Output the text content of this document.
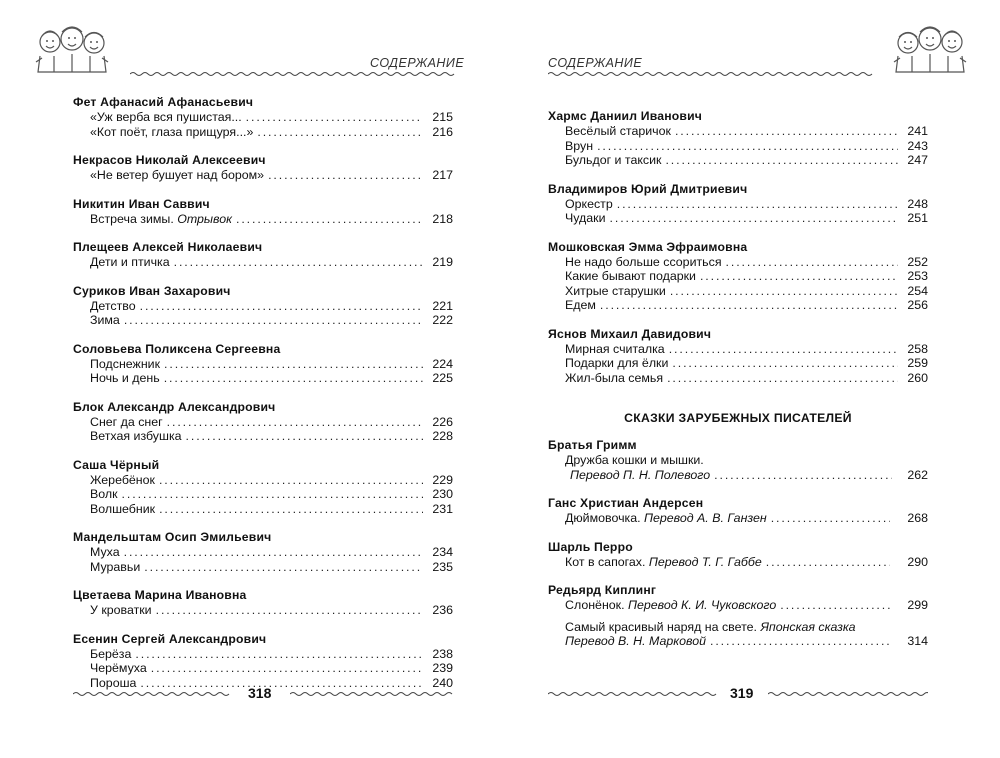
СОДЕРЖАНИЕ
Фет Афанасий Афанасьевич
«Уж верба вся пушистая... .....	215
«Кот поёт, глаза прищуря...» .....	216
Некрасов Николай Алексеевич
«Не ветер бушует над бором» .....	217
Никитин Иван Саввич
Встреча зимы. Отрывок .....	218
Плещеев Алексей Николаевич
Дети и птичка .....	219
Суриков Иван Захарович
Детство .....	221
Зима .....	222
Соловьева Поликсена Сергеевна
Подснежник .....	224
Ночь и день .....	225
Блок Александр Александрович
Снег да снег .....	226
Ветхая избушка .....	228
Саша Чёрный
Жеребёнок .....	229
Волк .....	230
Волшебник .....	231
Мандельштам Осип Эмильевич
Муха .....	234
Муравьи .....	235
Цветаева Марина Ивановна
У кроватки .....	236
Есенин Сергей Александрович
Берёза .....	238
Черёмуха .....	239
Пороша .....	240
318
СОДЕРЖАНИЕ
Хармс Даниил Иванович
Весёлый старичок .....	241
Врун .....	243
Бульдог и таксик .....	247
Владимиров Юрий Дмитриевич
Оркестр .....	248
Чудаки .....	251
Мошковская Эмма Эфраимовна
Не надо больше ссориться .....	252
Какие бывают подарки .....	253
Хитрые старушки .....	254
Едем .....	256
Яснов Михаил Давидович
Мирная считалка .....	258
Подарки для ёлки .....	259
Жил-была семья .....	260
СКАЗКИ ЗАРУБЕЖНЫХ ПИСАТЕЛЕЙ
Братья Гримм
Дружба кошки и мышки.
Перевод П. Н. Полевого .....	262
Ганс Христиан Андерсен
Дюймовочка. Перевод А. В. Ганзен .....	268
Шарль Перро
Кот в сапогах. Перевод Т. Г. Габбе .....	290
Редьярд Киплинг
Слонёнок. Перевод К. И. Чуковского .....	299
Самый красивый наряд на свете. Японская сказка
Перевод В. Н. Марковой .....	314
319
